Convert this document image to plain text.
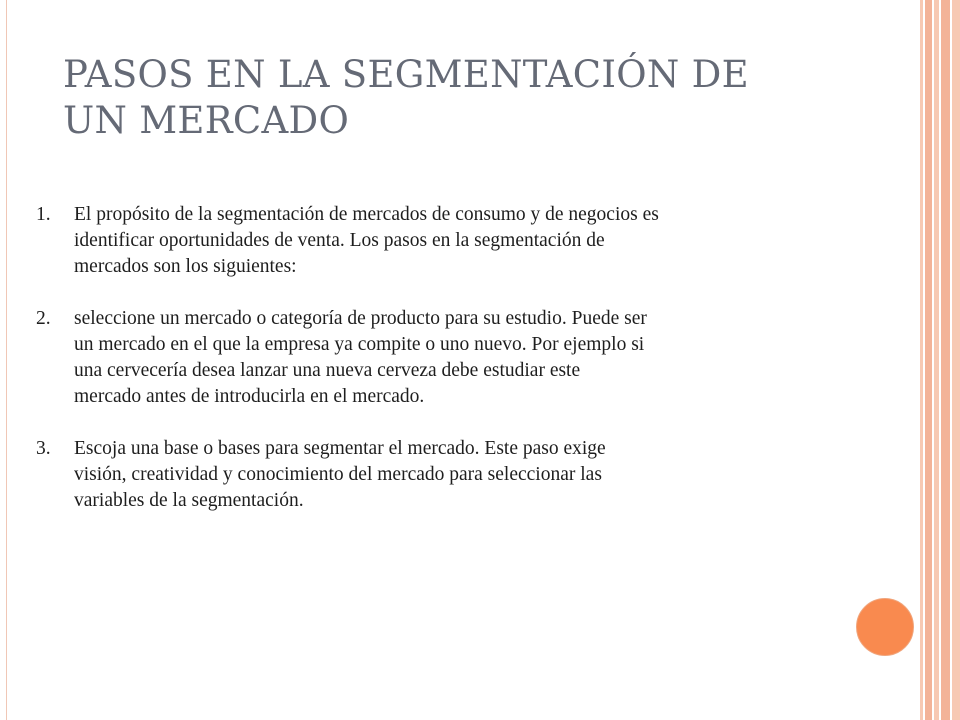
PASOS EN LA SEGMENTACIÓN DE
UN MERCADO
1.	El propósito de la segmentación de mercados de consumo y de negocios es
identificar oportunidades de venta. Los pasos en la segmentación de
mercados son los siguientes:
2.	seleccione un mercado o categoría de producto para su estudio. Puede ser
un mercado en el que la empresa ya compite o uno nuevo. Por ejemplo si
una cervecería desea lanzar una nueva cerveza debe estudiar este
mercado antes de introducirla en el mercado.
3.	Escoja una base o bases para segmentar el mercado. Este paso exige
visión, creatividad y conocimiento del mercado para seleccionar las
variables de la segmentación.
